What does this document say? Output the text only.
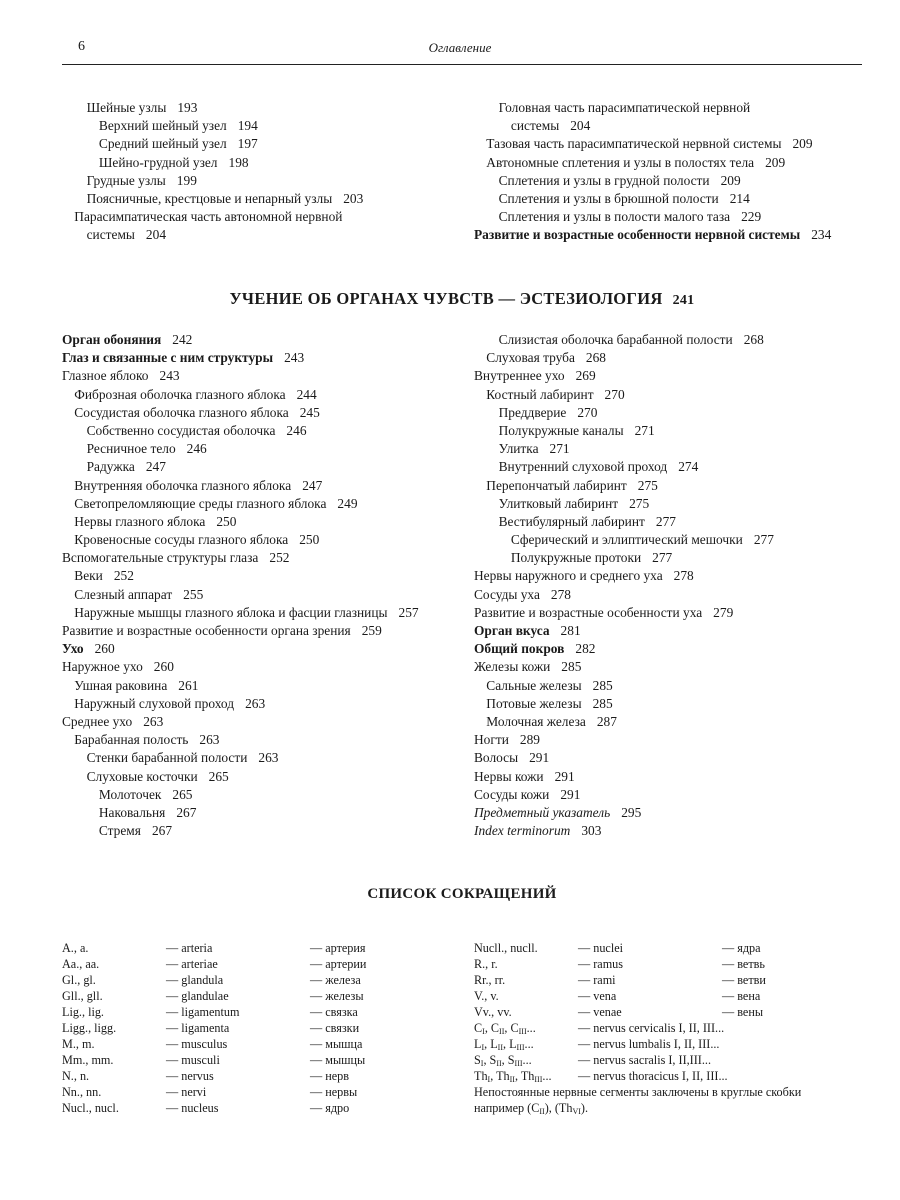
6	Оглавление
Шейные узлы 193
Верхний шейный узел 194
Средний шейный узел 197
Шейно-грудной узел 198
Грудные узлы 199
Поясничные, крестцовые и непарный узлы 203
Парасимпатическая часть автономной нервной
системы 204
Головная часть парасимпатической нервной
системы 204
Тазовая часть парасимпатической нервной системы 209
Автономные сплетения и узлы в полостях тела 209
Сплетения и узлы в грудной полости 209
Сплетения и узлы в брюшной полости 214
Сплетения и узлы в полости малого таза 229
Развитие и возрастные особенности нервной системы 234
УЧЕНИЕ ОБ ОРГАНАХ ЧУВСТВ — ЭСТЕЗИОЛОГИЯ 241
Орган обоняния 242
Глаз и связанные с ним структуры 243
Глазное яблоко 243
Фиброзная оболочка глазного яблока 244
Сосудистая оболочка глазного яблока 245
Собственно сосудистая оболочка 246
Ресничное тело 246
Радужка 247
Внутренняя оболочка глазного яблока 247
Светопреломляющие среды глазного яблока 249
Нервы глазного яблока 250
Кровеносные сосуды глазного яблока 250
Вспомогательные структуры глаза 252
Веки 252
Слезный аппарат 255
Наружные мышцы глазного яблока и фасции глазницы 257
Развитие и возрастные особенности органа зрения 259
Ухо 260
Наружное ухо 260
Ушная раковина 261
Наружный слуховой проход 263
Среднее ухо 263
Барабанная полость 263
Стенки барабанной полости 263
Слуховые косточки 265
Молоточек 265
Наковальня 267
Стремя 267
Слизистая оболочка барабанной полости 268
Слуховая труба 268
Внутреннее ухо 269
Костный лабиринт 270
Преддверие 270
Полукружные каналы 271
Улитка 271
Внутренний слуховой проход 274
Перепончатый лабиринт 275
Улитковый лабиринт 275
Вестибулярный лабиринт 277
Сферический и эллиптический мешочки 277
Полукружные протоки 277
Нервы наружного и среднего уха 278
Сосуды уха 278
Развитие и возрастные особенности уха 279
Орган вкуса 281
Общий покров 282
Железы кожи 285
Сальные железы 285
Потовые железы 285
Молочная железа 287
Ногти 289
Волосы 291
Нервы кожи 291
Сосуды кожи 291
Предметный указатель 295
Index terminorum 303
СПИСОК СОКРАЩЕНИЙ
A., a.	— arteria	— артерия
Aa., aa.	— arteriae	— артерии
Gl., gl.	— glandula	— железа
Gll., gll.	— glandulae	— железы
Lig., lig.	— ligamentum	— связка
Ligg., ligg.	— ligamenta	— связки
M., m.	— musculus	— мышца
Mm., mm.	— musculi	— мышцы
N., n.	— nervus	— нерв
Nn., nn.	— nervi	— нервы
Nucl., nucl.	— nucleus	— ядро
Nucll., nucll.	— nuclei	— ядра
R., r.	— ramus	— ветвь
Rr., rr.	— rami	— ветви
V., v.	— vena	— вена
Vv., vv.	— venae	— вены
$C_I$, $C_{II}$, $C_{III}$...	— nervus cervicalis I, II, III...
$L_I$, $L_{II}$, $L_{III}$...	— nervus lumbalis I, II, III...
$S_I$, $S_{II}$, $S_{III}$...	— nervus sacralis I, II,III...
$Th_I$, $Th_{II}$, $Th_{III}$... — nervus thoracicus I, II, III...
Непостоянные нервные сегменты заключены в круглые скобки
например $(C_{II})$, $(Th_{VI})$.
